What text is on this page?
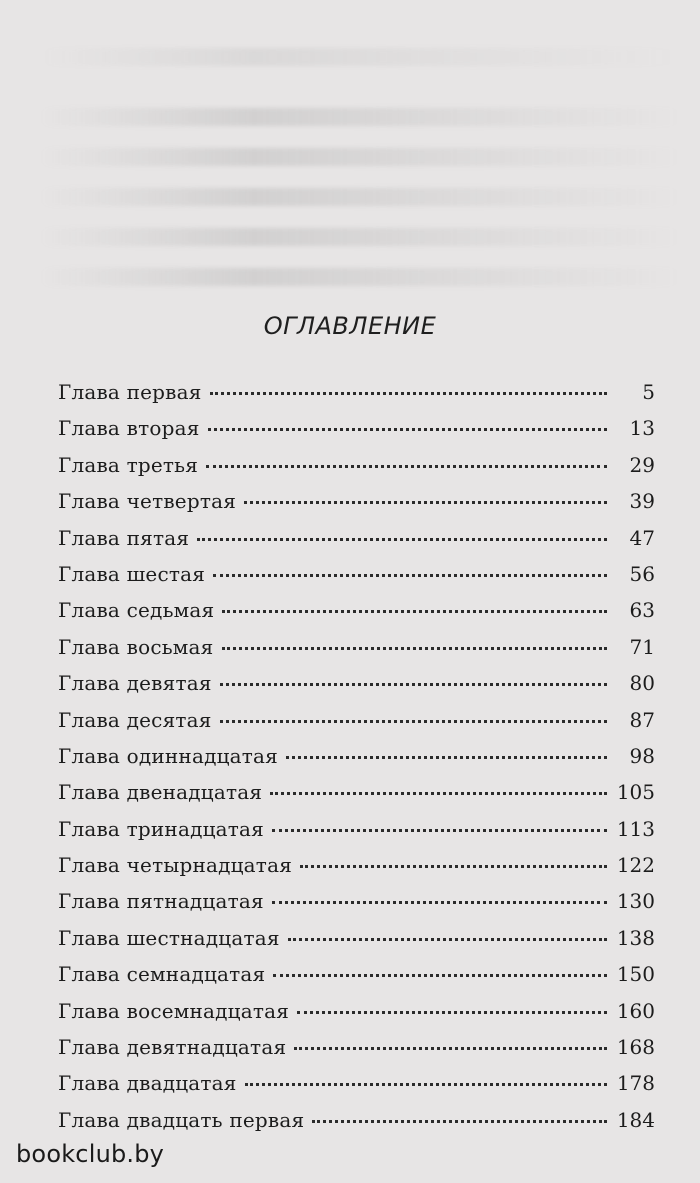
ОГЛАВЛЕНИЕ
Глава первая	5
Глава вторая	13
Глава третья	29
Глава четвертая	39
Глава пятая	47
Глава шестая	56
Глава седьмая	63
Глава восьмая	71
Глава девятая	80
Глава десятая	87
Глава одиннадцатая	98
Глава двенадцатая	105
Глава тринадцатая	113
Глава четырнадцатая	122
Глава пятнадцатая	130
Глава шестнадцатая	138
Глава семнадцатая	150
Глава восемнадцатая	160
Глава девятнадцатая	168
Глава двадцатая	178
Глава двадцать первая	184
bookclub.by
